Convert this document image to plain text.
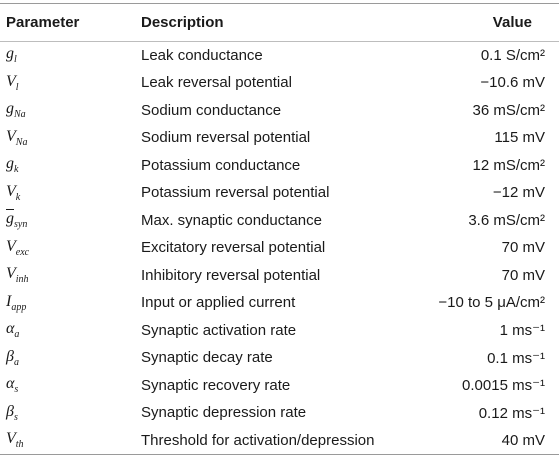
Parameter	Description	Value
$g_l$	Leak conductance	0.1 S/cm²
$V_l$	Leak reversal potential	−10.6 mV
$g_{Na}$	Sodium conductance	36 mS/cm²
$V_{Na}$	Sodium reversal potential	115 mV
$g_k$	Potassium conductance	12 mS/cm²
$V_k$	Potassium reversal potential	−12 mV
$\overline{g}_{syn}$	Max. synaptic conductance	3.6 mS/cm²
$V_{exc}$	Excitatory reversal potential	70 mV
$V_{inh}$	Inhibitory reversal potential	70 mV
$I_{app}$	Input or applied current	−10 to 5 μA/cm²
$\alpha_a$	Synaptic activation rate	1 ms⁻¹
$\beta_a$	Synaptic decay rate	0.1 ms⁻¹
$\alpha_s$	Synaptic recovery rate	0.0015 ms⁻¹
$\beta_s$	Synaptic depression rate	0.12 ms⁻¹
$V_{th}$	Threshold for activation/depression	40 mV
